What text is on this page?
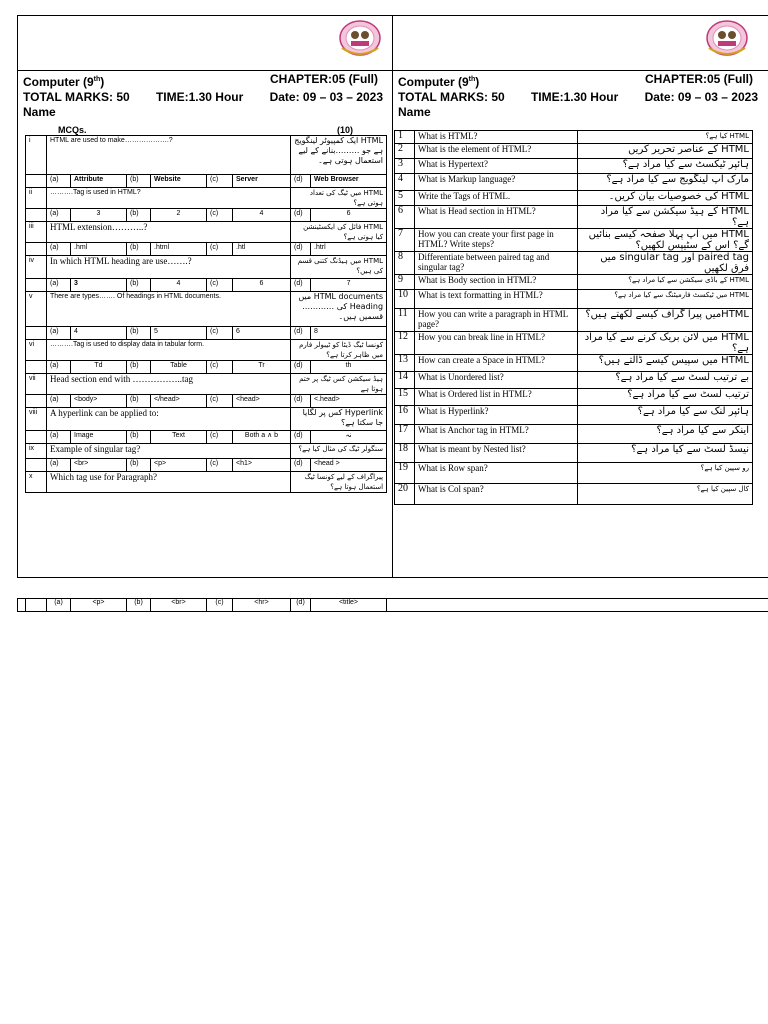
Computer (9th)	CHAPTER:05 (Full)
TOTAL MARKS: 50 TIME:1.30 Hour Date: 09 – 03 – 2023
Name
Computer (9th)	CHAPTER:05 (Full)
TOTAL MARKS: 50 TIME:1.30 Hour Date: 09 – 03 – 2023
Name
MCQs.	(10)
i	HTML are used to make……………….?						HTML ایک کمپیوٹر لینگویج ہے جو ………بنانے کے لیے استعمال ہوتی ہے۔	
	(a)	Attribute	(b)	Website	(c)	Server	(d)	Web Browser
ii	……….Tag is used in HTML?						HTML میں ٹیگ کی تعداد ہوتی ہے؟	
	(a)	3	(b)	2	(c)	4	(d)	6
iii	HTML extension………..?						HTML فائل کی ایکسٹینشن کیا ہوتی ہے؟	
	(a)	.hml	(b)	.html	(c)	.htl	(d)	.htrl
iv	In which HTML heading are use…….?						HTML میں ہیڈنگ کتنی قسم کی ہیں؟	
	(a)	3	(b)	4	(c)	6	(d)	7
v	There are types……. Of headings in HTML documents.						HTML documents میں Heading کی ………… قسمیں ہیں۔	
	(a)	4	(b)	5	(c)	6	(d)	8
vi	……….Tag is used to display data in tabular form.						کونسا ٹیگ ڈیٹا کو ٹیبولر فارم میں ظاہر کرتا ہے؟	
	(a)	Td	(b)	Table	(c)	Tr	(d)	th
vii	Head section end with ……………..tag						ہیڈ سیکشن کس ٹیگ پر ختم ہوتا ہے	
	(a)	<body>	(b)	</head>	(c)	<head>	(d)	<.head>
viii	A hyperlink can be applied to:						Hyperlink کس پر لگایا جا سکتا ہے؟	
	(a)	Image	(b)	Text	(c)	Both a ∧ b	(d)	نہ
ix	Example of singular tag?						سنگولر ٹیگ کی مثال کیا ہے؟	
	(a)	<br>	(b)	<p>	(c)	<h1>	(d)	<head >
x	Which tag use for Paragraph?						پیراگراف کے لیے کونسا ٹیگ استعمال ہوتا ہے؟	
1	What is HTML?	HTML کیا ہے؟
2	What is the element of HTML?	HTML کے عناصر تحریر کریں
3	What is Hypertext?	ہائپر ٹیکسٹ سے کیا مراد ہے؟
4	What is Markup language?	مارک اپ لینگویج سے کیا مراد ہے؟
5	Write the Tags of HTML.	HTML کی خصوصیات بیان کریں۔
6	What is Head section in HTML?	HTML کے ہیڈ سیکشن سے کیا مراد ہے؟
7	How you can create your first page in HTML? Write steps?	HTML میں آپ پہلا صفحہ کیسے بنائیں گے؟ اس کے سٹیپس لکھیں؟
8	Differentiate between paired tag and singular tag?	paired tag اور singular tag میں فرق لکھیں
9	What is Body section in HTML?	HTML کے باڈی سیکشن سے کیا مراد ہے؟
10	What is text formatting in HTML?	HTML میں ٹیکسٹ فارمیٹنگ سے کیا مراد ہے؟
11	How you can write a paragraph in HTML page?	HTMLمیں پیرا گراف کیسے لکھتے ہیں؟
12	How you can break line in HTML?	HTML میں لائن بریک کرنے سے کیا مراد ہے؟
13	How can create a Space in HTML?	HTML میں سپیس کیسے ڈالتے ہیں؟
14	What is Unordered list?	بے ترتیب لسٹ سے کیا مراد ہے؟
15	What is Ordered list in HTML?	ترتیب لسٹ سے کیا مراد ہے؟
16	What is Hyperlink?	ہائپر لنک سے کیا مراد ہے؟
17	What is Anchor tag in HTML?	اینکر سے کیا مراد ہے؟
18	What is meant by Nested list?	نیسڈ لسٹ سے کیا مراد ہے؟
19	What is Row span?	رو سپین کیا ہے؟
20	What is Col span?	کال سپین کیا ہے؟
		(a)	<p>	(b)	<br>	(c)	<hr>	(d)	<title>	
